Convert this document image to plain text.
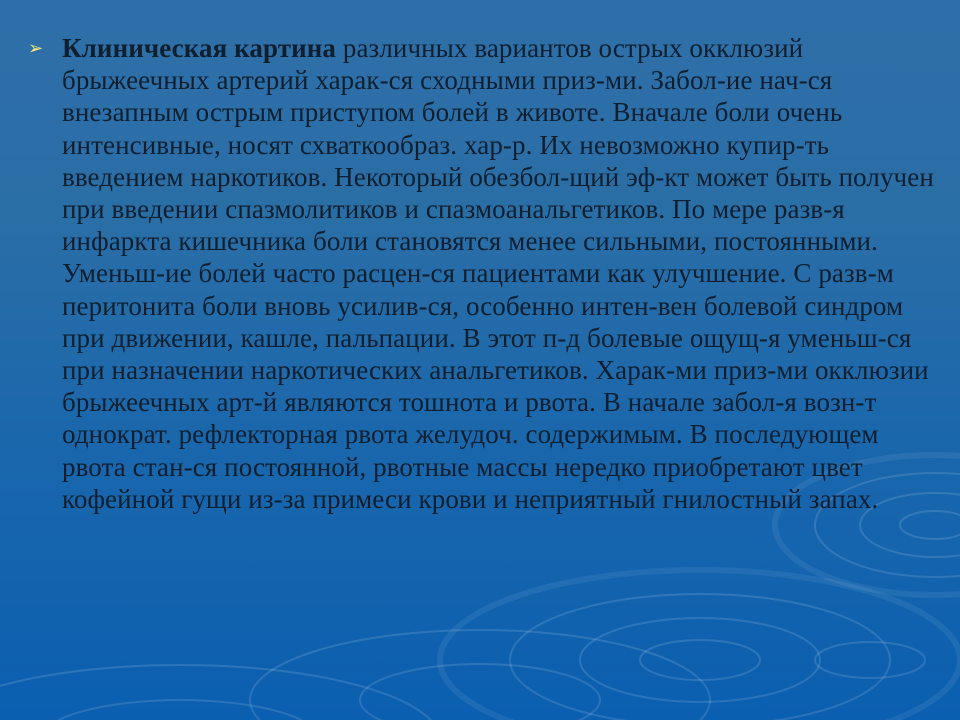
➢ Клиническая картина различных вариантов острых окклюзий брыжеечных артерий харак-ся сходными приз-ми. Забол-ие нач-ся внезапным острым приступом болей в животе. Вначале боли очень интенсивные, носят схваткообраз. хар-р. Их невозможно купир-ть введением наркотиков. Некоторый обезбол-щий эф-кт может быть получен при введении спазмолитиков и спазмоанальгетиков. По мере разв-я инфаркта кишечника боли становятся менее сильными, постоянными. Уменьш-ие болей часто расцен-ся пациентами как улучшение. С разв-м перитонита боли вновь усилив-ся, особенно интен-вен болевой синдром при движении, кашле, пальпации. В этот п-д болевые ощущ-я уменьш-ся при назначении наркотических анальгетиков. Харак-ми приз-ми окклюзии брыжеечных арт-й являются тошнота и рвота. В начале забол-я возн-т однократ. рефлекторная рвота желудоч. содержимым. В последующем рвота стан-ся постоянной, рвотные массы нередко приобретают цвет кофейной гущи из-за примеси крови и неприятный гнилостный запах.
